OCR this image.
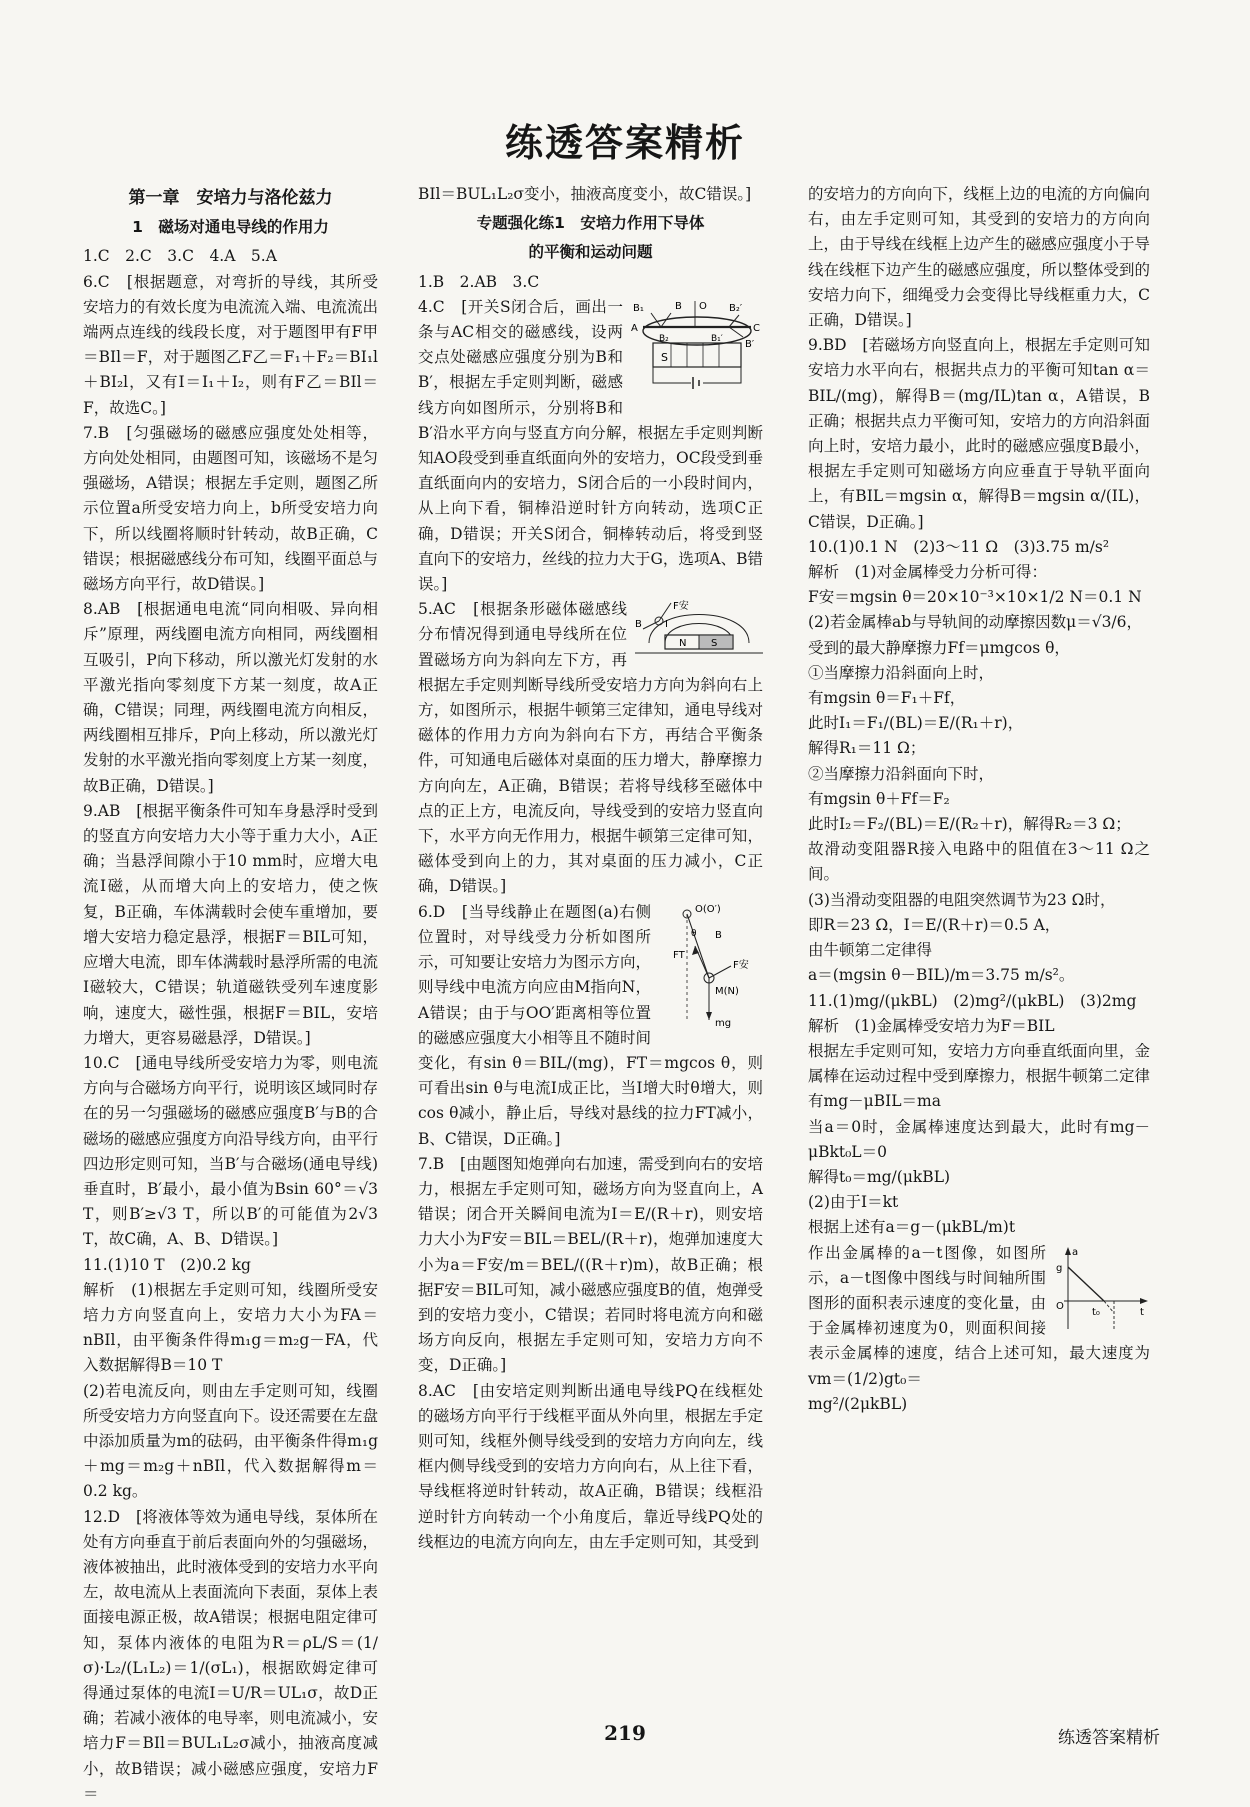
练透答案精析
第一章　安培力与洛伦兹力
1　磁场对通电导线的作用力

1.C　2.C　3.C　4.A　5.A

6.C　[根据题意，对弯折的导线，其所受安培力的有效长度为电流流入端、电流流出端两点连线的线段长度，对于题图甲有F甲＝BIl＝F，对于题图乙F乙＝F₁＋F₂＝BI₁l＋BI₂l，又有I＝I₁＋I₂，则有F乙＝BIl＝F，故选C。]

7.B　[匀强磁场的磁感应强度处处相等，方向处处相同，由题图可知，该磁场不是匀强磁场，A错误；根据左手定则，题图乙所示位置a所受安培力向上，b所受安培力向下，所以线圈将顺时针转动，故B正确，C错误；根据磁感线分布可知，线圈平面总与磁场方向平行，故D错误。]

8.AB　[根据通电电流“同向相吸、异向相斥”原理，两线圈电流方向相同，两线圈相互吸引，P向下移动，所以激光灯发射的水平激光指向零刻度下方某一刻度，故A正确，C错误；同理，两线圈电流方向相反，两线圈相互排斥，P向上移动，所以激光灯发射的水平激光指向零刻度上方某一刻度，故B正确，D错误。]

9.AB　[根据平衡条件可知车身悬浮时受到的竖直方向安培力大小等于重力大小，A正确；当悬浮间隙小于10 mm时，应增大电流I磁，从而增大向上的安培力，使之恢复，B正确，车体满载时会使车重增加，要增大安培力稳定悬浮，根据F＝BIL可知，应增大电流，即车体满载时悬浮所需的电流I磁较大，C错误；轨道磁铁受列车速度影响，速度大，磁性强，根据F＝BIL，安培力增大，更容易磁悬浮，D错误。]

10.C　[通电导线所受安培力为零，则电流方向与合磁场方向平行，说明该区域同时存在的另一匀强磁场的磁感应强度B′与B的合磁场的磁感应强度方向沿导线方向，由平行四边形定则可知，当B′与合磁场(通电导线)垂直时，B′最小，最小值为Bsin 60°＝√3 T，则B′≥√3 T，所以B′的可能值为2√3 T，故C确，A、B、D错误。]

11.(1)10 T　(2)0.2 kg

解析　(1)根据左手定则可知，线圈所受安培力方向竖直向上，安培力大小为FA＝nBIl，由平衡条件得m₁g＝m₂g－FA，代入数据解得B＝10 T

(2)若电流反向，则由左手定则可知，线圈所受安培力方向竖直向下。设还需要在左盘中添加质量为m的砝码，由平衡条件得m₁g＋mg＝m₂g＋nBIl，代入数据解得m＝0.2 kg。

12.D　[将液体等效为通电导线，泵体所在处有方向垂直于前后表面向外的匀强磁场，液体被抽出，此时液体受到的安培力水平向左，故电流从上表面流向下表面，泵体上表面接电源正极，故A错误；根据电阻定律可知，泵体内液体的电阻为R＝ρL/S＝(1/σ)·L₂/(L₁L₂)＝1/(σL₁)，根据欧姆定律可得通过泵体的电流I＝U/R＝UL₁σ，故D正确；若减小液体的电导率，则电流减小，安培力F＝BIl＝BUL₁L₂σ减小，抽液高度减小，故B错误；减小磁感应强度，安培力F＝

BIl＝BUL₁L₂σ变小，抽液高度变小，故C错误。]

专题强化练1　安培力作用下导体
的平衡和运动问题

1.B　2.AB　3.C

B₁	B O B₂′
C
A
B₂	B₁′ B′
S

4.C　[开关S闭合后，画出一条与AC相交的磁感线，设两交点处磁感应强度分别为B和B′，根据左手定则判断，磁感线方向如图所示，分别将B和B′沿水平方向与竖直方向分解，根据左手定则判断知AO段受到垂直纸面向外的安培力，OC段受到垂直纸面向内的安培力，S闭合后的一小段时间内，从上向下看，铜棒沿逆时针方向转动，选项C正确，D错误；开关S闭合，铜棒转动后，将受到竖直向下的安培力，丝线的拉力大于G，选项A、B错误。]

F安
B I
N S

5.AC　[根据条形磁体磁感线分布情况得到通电导线所在位置磁场方向为斜向左下方，再根据左手定则判断导线所受安培力方向为斜向右上方，如图所示，根据牛顿第三定律知，通电导线对磁体的作用力方向为斜向右下方，再结合平衡条件，可知通电后磁体对桌面的压力增大，静摩擦力方向向左，A正确，B错误；若将导线移至磁体中点的正上方，电流反向，导线受到的安培力竖直向下，水平方向无作用力，根据牛顿第三定律可知，磁体受到向上的力，其对桌面的压力减小，C正确，D错误。]

O(O′)
B
FT
F安
M(N)
mg
θ

6.D　[当导线静止在题图(a)右侧位置时，对导线受力分析如图所示，可知要让安培力为图示方向，则导线中电流方向应由M指向N，A错误；由于与OO′距离相等位置的磁感应强度大小相等且不随时间变化，有sin θ＝BIL/(mg)，FT＝mgcos θ，则可看出sin θ与电流I成正比，当I增大时θ增大，则cos θ减小，静止后，导线对悬线的拉力FT减小，B、C错误，D正确。]

7.B　[由题图知炮弹向右加速，需受到向右的安培力，根据左手定则可知，磁场方向为竖直向上，A错误；闭合开关瞬间电流为I＝E/(R＋r)，则安培力大小为F安＝BIL＝BEL/(R＋r)，炮弹加速度大小为a＝F安/m＝BEL/((R＋r)m)，故B正确；根据F安＝BIL可知，减小磁感应强度B的值，炮弹受到的安培力变小，C错误；若同时将电流方向和磁场方向反向，根据左手定则可知，安培力方向不变，D正确。]

8.AC　[由安培定则判断出通电导线PQ在线框处的磁场方向平行于线框平面从外向里，根据左手定则可知，线框外侧导线受到的安培力方向向左，线框内侧导线受到的安培力方向向右，从上往下看，导线框将逆时针转动，故A正确，B错误；线框沿逆时针方向转动一个小角度后，靠近导线PQ处的线框边的电流方向向左，由左手定则可知，其受到

的安培力的方向向下，线框上边的电流的方向偏向右，由左手定则可知，其受到的安培力的方向向上，由于导线在线框上边产生的磁感应强度小于导线在线框下边产生的磁感应强度，所以整体受到的安培力向下，细绳受力会变得比导线框重力大，C正确，D错误。]

9.BD　[若磁场方向竖直向上，根据左手定则可知安培力水平向右，根据共点力的平衡可知tan α＝BIL/(mg)，解得B＝(mg/IL)tan α，A错误，B正确；根据共点力平衡可知，安培力的方向沿斜面向上时，安培力最小，此时的磁感应强度B最小，根据左手定则可知磁场方向应垂直于导轨平面向上，有BIL＝mgsin α，解得B＝mgsin α/(IL)，C错误，D正确。]

10.(1)0.1 N　(2)3～11 Ω　(3)3.75 m/s²

解析　(1)对金属棒受力分析可得：

F安＝mgsin θ＝20×10⁻³×10×1/2 N＝0.1 N

(2)若金属棒ab与导轨间的动摩擦因数μ＝√3/6，

受到的最大静摩擦力Ff＝μmgcos θ，

①当摩擦力沿斜面向上时，

有mgsin θ＝F₁＋Ff，

此时I₁＝F₁/(BL)＝E/(R₁＋r)，

解得R₁＝11 Ω；

②当摩擦力沿斜面向下时，

有mgsin θ＋Ff＝F₂

此时I₂＝F₂/(BL)＝E/(R₂＋r)，解得R₂＝3 Ω；

故滑动变阻器R接入电路中的阻值在3～11 Ω之间。

(3)当滑动变阻器的电阻突然调节为23 Ω时，

即R＝23 Ω，I＝E/(R＋r)＝0.5 A，

由牛顿第二定律得

a＝(mgsin θ－BIL)/m＝3.75 m/s²。

11.(1)mg/(μkBL)　(2)mg²/(μkBL)　(3)2mg

解析　(1)金属棒受安培力为F＝BIL

根据左手定则可知，安培力方向垂直纸面向里，金属棒在运动过程中受到摩擦力，根据牛顿第二定律有mg－μBIL＝ma

当a＝0时，金属棒速度达到最大，此时有mg－μBkt₀L＝0

解得t₀＝mg/(μkBL)

(2)由于I＝kt

根据上述有a＝g－(μkBL/m)t

a
g
O
t₀	t

作出金属棒的a－t图像，如图所示，a－t图像中图线与时间轴所围图形的面积表示速度的变化量，由于金属棒初速度为0，则面积间接表示金属棒的速度，结合上述可知，最大速度为vm＝(1/2)gt₀＝

mg²/(2μkBL)

219	练透答案精析
